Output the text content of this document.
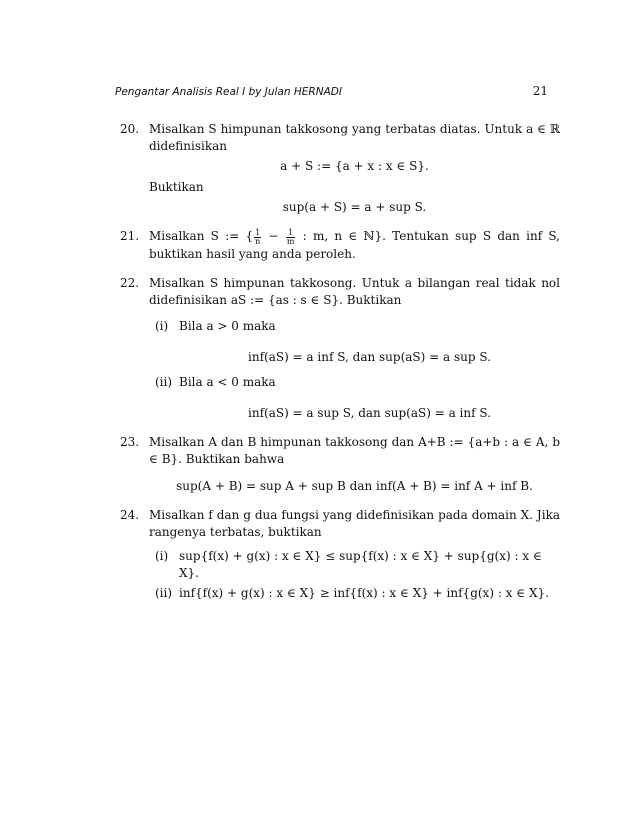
Pengantar Analisis Real I by Julan HERNADI	21
20. Misalkan S himpunan takkosong yang terbatas diatas. Untuk a ∈ ℝ didefinisikan

a + S := {a + x : x ∈ S}.

Buktikan

sup(a + S) = a + sup S.
21. Misalkan S := { $\frac{1}{n} - \frac{1}{m}$ : m, n ∈ ℕ}. Tentukan sup S dan inf S, buktikan hasil yang anda peroleh.

22. Misalkan S himpunan takkosong. Untuk a bilangan real tidak nol didefinisikan aS := {as : s ∈ S}. Buktikan

(i) Bila a > 0 maka
inf(aS) = a inf S, dan sup(aS) = a sup S.
(ii) Bila a < 0 maka
inf(aS) = a sup S, dan sup(aS) = a inf S.
23. Misalkan A dan B himpunan takkosong dan A+B := {a+b : a ∈ A, b ∈ B}. Buktikan bahwa

sup(A + B) = sup A + sup B dan inf(A + B) = inf A + inf B.
24. Misalkan f dan g dua fungsi yang didefinisikan pada domain X. Jika rangenya terbatas, buktikan

(i) sup{f(x) + g(x) : x ∈ X} ≤ sup{f(x) : x ∈ X} + sup{g(x) : x ∈ X}.
(ii) inf{f(x) + g(x) : x ∈ X} ≥ inf{f(x) : x ∈ X} + inf{g(x) : x ∈ X}.
